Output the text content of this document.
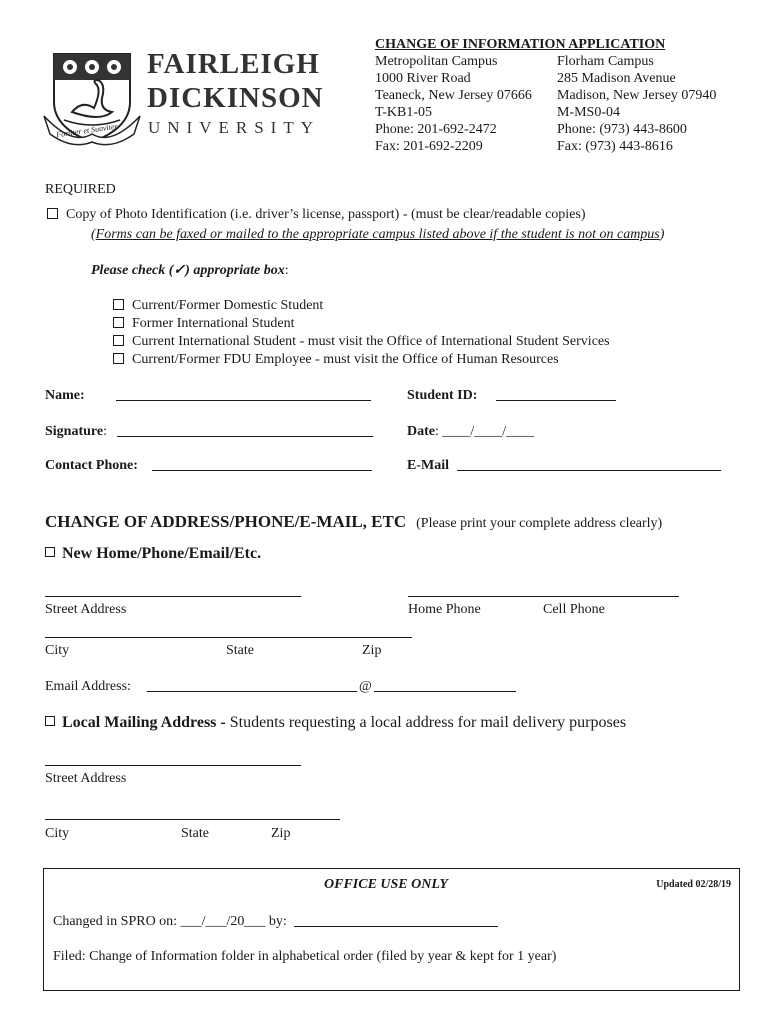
Fortiter et Suaviter
FAIRLEIGH
DICKINSON
UNIVERSITY
CHANGE OF INFORMATION APPLICATION
Metropolitan Campus
1000 River Road
Teaneck, New Jersey 07666
T-KB1-05
Phone: 201-692-2472
Fax: 201-692-2209
Florham Campus
285 Madison Avenue
Madison, New Jersey 07940
M-MS0-04
Phone: (973) 443-8600
Fax: (973) 443-8616
REQUIRED
Copy of Photo Identification (i.e. driver’s license, passport) - (must be clear/readable copies)
(Forms can be faxed or mailed to the appropriate campus listed above if the student is not on campus)
Please check (✓) appropriate box:
Current/Former Domestic Student
Former International Student
Current International Student - must visit the Office of International Student Services
Current/Former FDU Employee - must visit the Office of Human Resources
Name:	Student ID:
Signature:	Date: ____/____/____
Contact Phone:	E-Mail
CHANGE OF ADDRESS/PHONE/E-MAIL, ETC (Please print your complete address clearly)
New Home/Phone/Email/Etc.
Street Address	Home Phone	Cell Phone
City	State	Zip
Email Address:	@
Local Mailing Address - Students requesting a local address for mail delivery purposes
Street Address
City	State	Zip
OFFICE USE ONLY	Updated 02/28/19
Changed in SPRO on: ___/___/20___ by:
Filed: Change of Information folder in alphabetical order (filed by year & kept for 1 year)
